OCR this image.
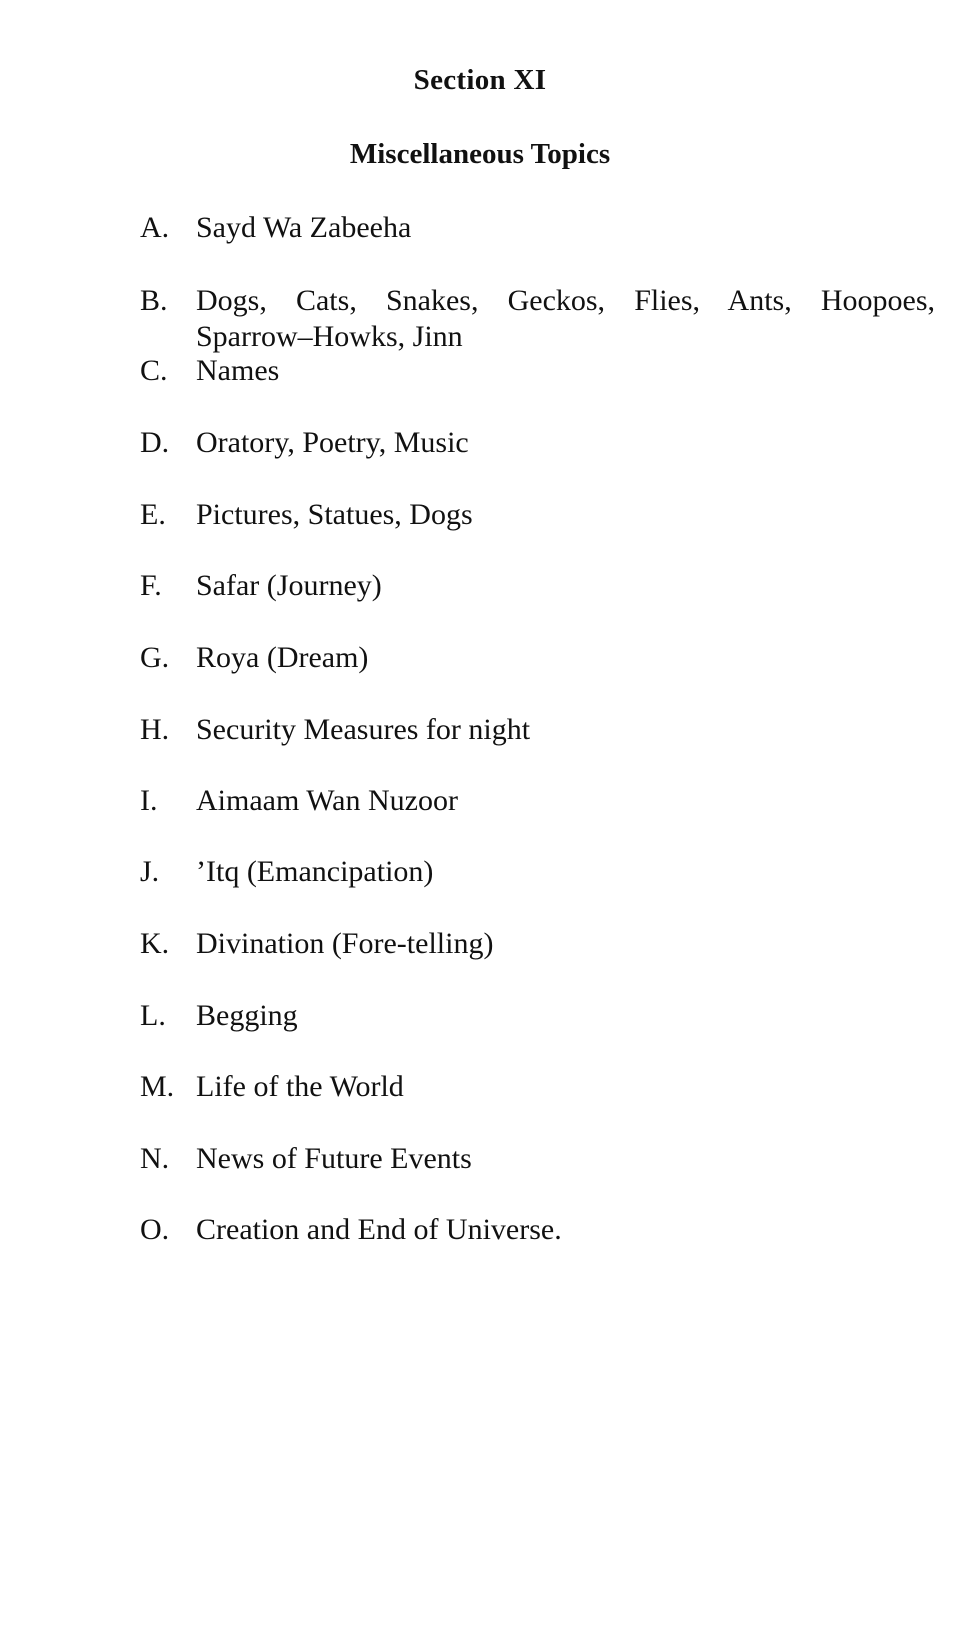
Section XI
Miscellaneous Topics
A. Sayd Wa Zabeeha
B. Dogs, Cats, Snakes, Geckos, Flies, Ants, Hoopoes,
Sparrow–Howks, Jinn
C. Names
D. Oratory, Poetry, Music
E.	Pictures, Statues, Dogs
F.	Safar (Journey)
G. Roya (Dream)
H. Security Measures for night
I.	Aimaam Wan Nuzoor
J.	’Itq (Emancipation)
K. Divination (Fore-telling)
L.	Begging
M. Life of the World
N. News of Future Events
O. Creation and End of Universe.
